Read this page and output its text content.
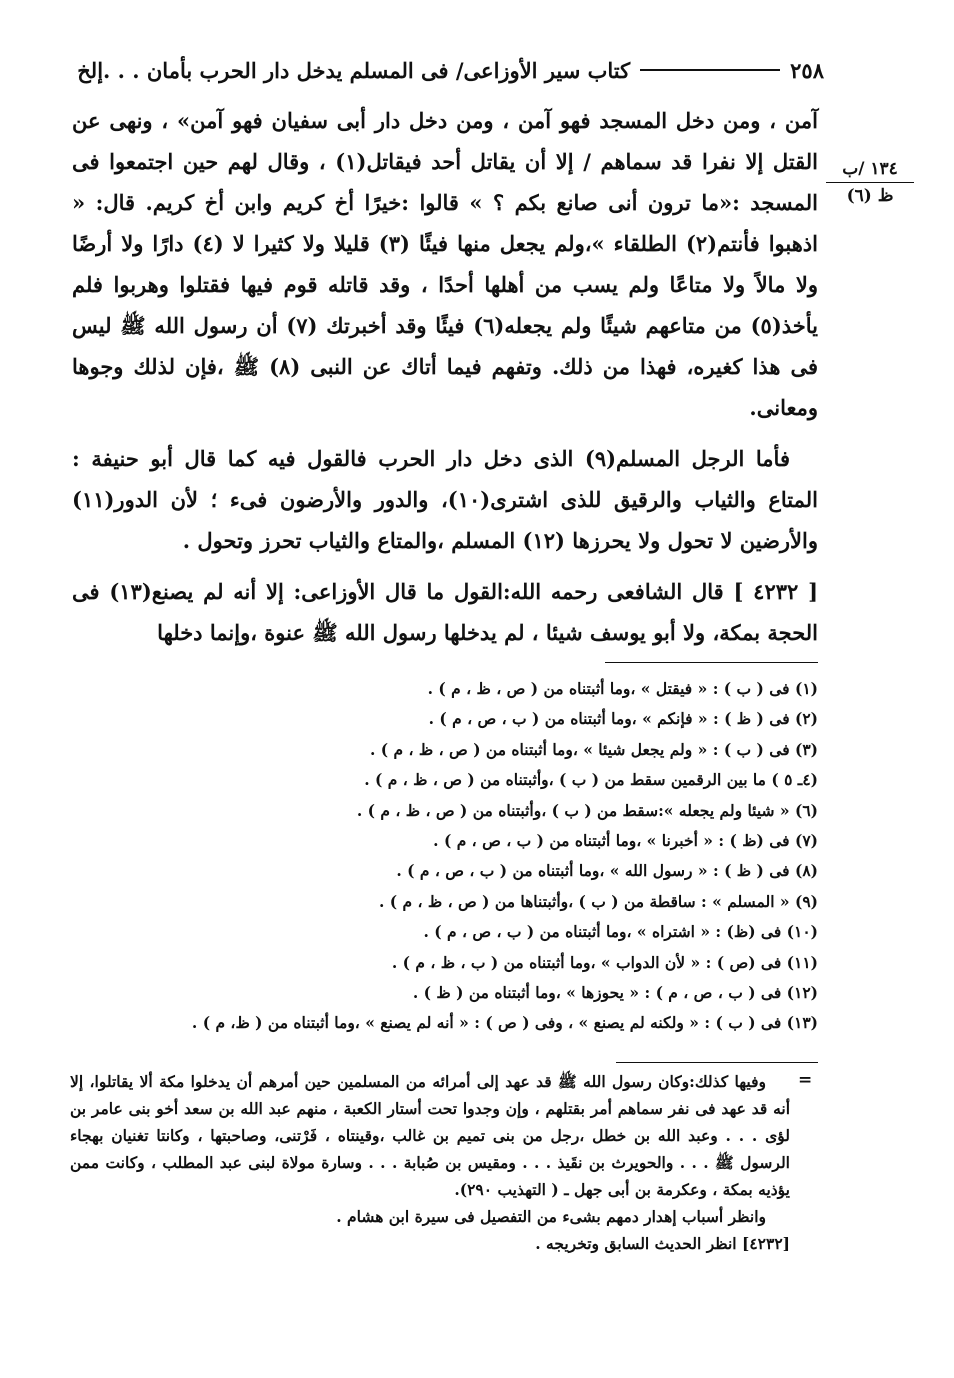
٢٥٨
كتاب سير الأوزاعى/ فى المسلم يدخل دار الحرب بأمان . . .إلخ
١٣٤ /ب
ظ (٦)

آمن ، ومن دخل المسجد فهو آمن ، ومن دخل دار أبى سفيان فهو آمن» ، ونهى عن القتل إلا نفرا قد سماهم / إلا أن يقاتل أحد فيقاتل(١) ، وقال لهم حين اجتمعوا فى المسجد :«ما ترون أنى صانع بكم ؟ » قالوا :خيرًا أخ كريم وابن أخ كريم. قال: « اذهبوا فأنتم(٢) الطلقاء »،ولم يجعل منها فيئًا (٣) قليلا ولا كثيرا لا (٤) دارًا ولا أرضًا ولا مالاً ولا متاعًا ولم يسب من أهلها أحدًا ، وقد قاتله قوم فيها فقتلوا وهربوا فلم يأخذ(٥) من متاعهم شيئًا ولم يجعله(٦) فيئًا وقد أخبرتك (٧) أن رسول الله ﷺ ليس فى هذا كغيره، فهذا من ذلك. وتفهم فيما أتاك عن النبى (٨) ﷺ ،فإن لذلك وجوها ومعانى.

فأما الرجل المسلم(٩) الذى دخل دار الحرب فالقول فيه كما قال أبو حنيفة : المتاع والثياب والرقيق للذى اشترى(١٠)، والدور والأرضون فىء ؛ لأن الدور(١١) والأرضين لا تحول ولا يحرزها (١٢) المسلم ،والمتاع والثياب تحرز وتحول .

[ ٤٢٣٢ ] قال الشافعى رحمه الله:القول ما قال الأوزاعى: إلا أنه لم يصنع(١٣) فى الحجة بمكة، ولا أبو يوسف شيئا ، لم يدخلها رسول الله ﷺ عنوة ،وإنما دخلها

(١) فى ( ب ) : « فيقتل » ،وما أثبتناه من ( ص ، ظ ، م ) .
(٢) فى ( ظ ) : « فإنكم » ،وما أثبتناه من ( ب ، ص ، م ) .
(٣) فى ( ب ) : « ولم يجعل شيئا » ،وما أثبتناه من ( ص ، ظ ، م ) .
(٤ـ ٥ ) ما بين الرقمين سقط من ( ب ) ،وأثبتناه من ( ص ، ظ ، م ) .
(٦) « شيئا ولم يجعله »:سقط من ( ب ) ،وأثبتناه من ( ص ، ظ ، م ) .
(٧) فى (ظ ) : « أخبرنا » ،وما أثبتناه من ( ب ، ص ، م ) .
(٨) فى ( ظ ) : « رسول الله » ،وما أثبتناه من ( ب ، ص ، م ) .
(٩) « المسلم » : ساقطة من ( ب ) ،وأثبتناها من ( ص ، ظ ، م ) .
(١٠) فى (ظ) : « اشتراه » ،وما أثبتناه من ( ب ، ص ، م ) .
(١١) فى (ص ) : « لأن الدواب » ،وما أثبتناه من ( ب ، ظ ، م ) .
(١٢) فى ( ب ، ص ، م ) : « يحوزها » ،وما أثبتناه من ( ظ ) .
(١٣) فى ( ب ) : « ولكنه لم يصنع » ، وفى ( ص ) : « أنه لم يصنع » ،وما أثبتناه من ( ظ، م ) .
=

وفيها كذلك:وكان رسول الله ﷺ قد عهد إلى أمرائه من المسلمين حين أمرهم أن يدخلوا مكة ألا يقاتلوا، إلا أنه قد عهد فى نفر سماهم أمر بقتلهم ، وإن وجدوا تحت أستار الكعبة ، منهم عبد الله بن سعد أخو بنى عامر بن لؤى . . . وعبد الله بن خطل ،رجل من بنى تميم بن غالب ،وقينتاه ، فَرْتنى، وصاحبتها ، وكانتا تغنيان بهجاء الرسول ﷺ . . . والحويرث بن نقَيذ . . . ومقيس بن صُبابة . . . وسارة مولاة لبنى عبد المطلب ، وكانت ممن يؤذيه بمكة ، وعكرمة بن أبى جهل ـ ( التهذيب ٢٩٠).

وانظر أسباب إهدار دمهم بشىء من التفصيل فى سيرة ابن هشام .

[٤٢٣٢] انظر الحديث السابق وتخريجه .
